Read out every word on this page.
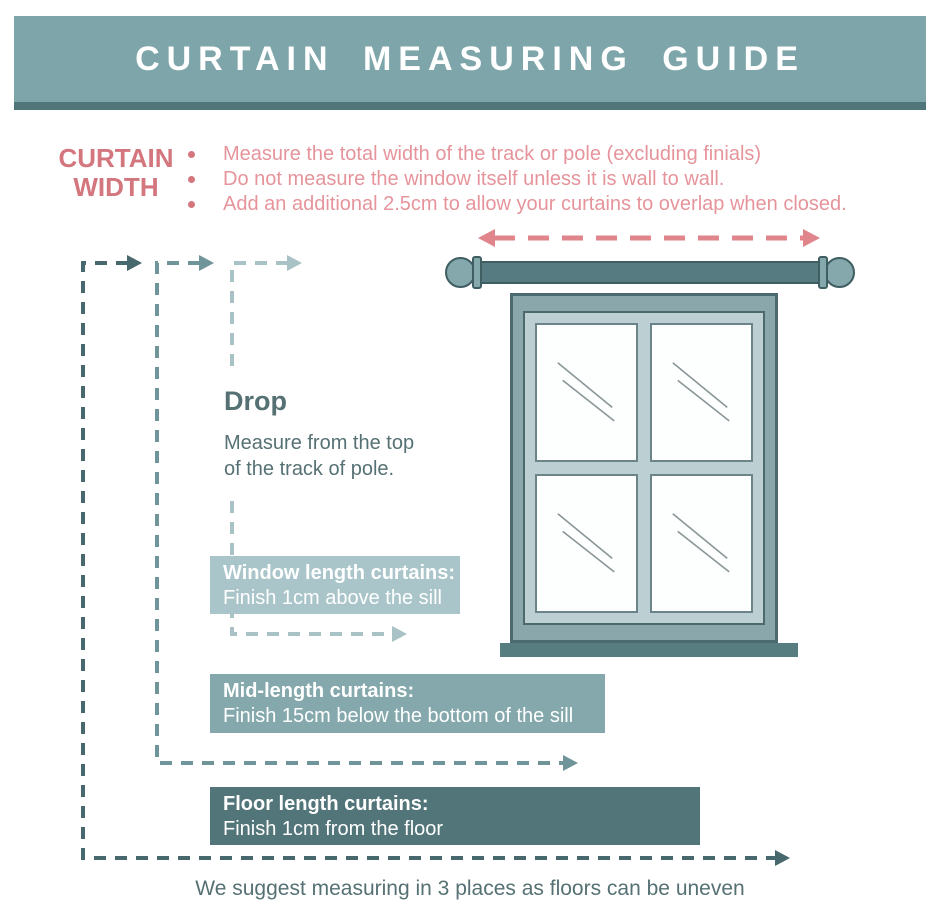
CURTAIN MEASURING GUIDE
CURTAIN
WIDTH
Measure the total width of the track or pole (excluding finials)
Do not measure the window itself unless it is wall to wall.
Add an additional 2.5cm to allow your curtains to overlap when closed.
Drop

Measure from the top
of the track of pole.

Window length curtains:
Finish 1cm above the sill
Mid-length curtains:
Finish 15cm below the bottom of the sill
Floor length curtains:
Finish 1cm from the floor

We suggest measuring in 3 places as floors can be uneven
